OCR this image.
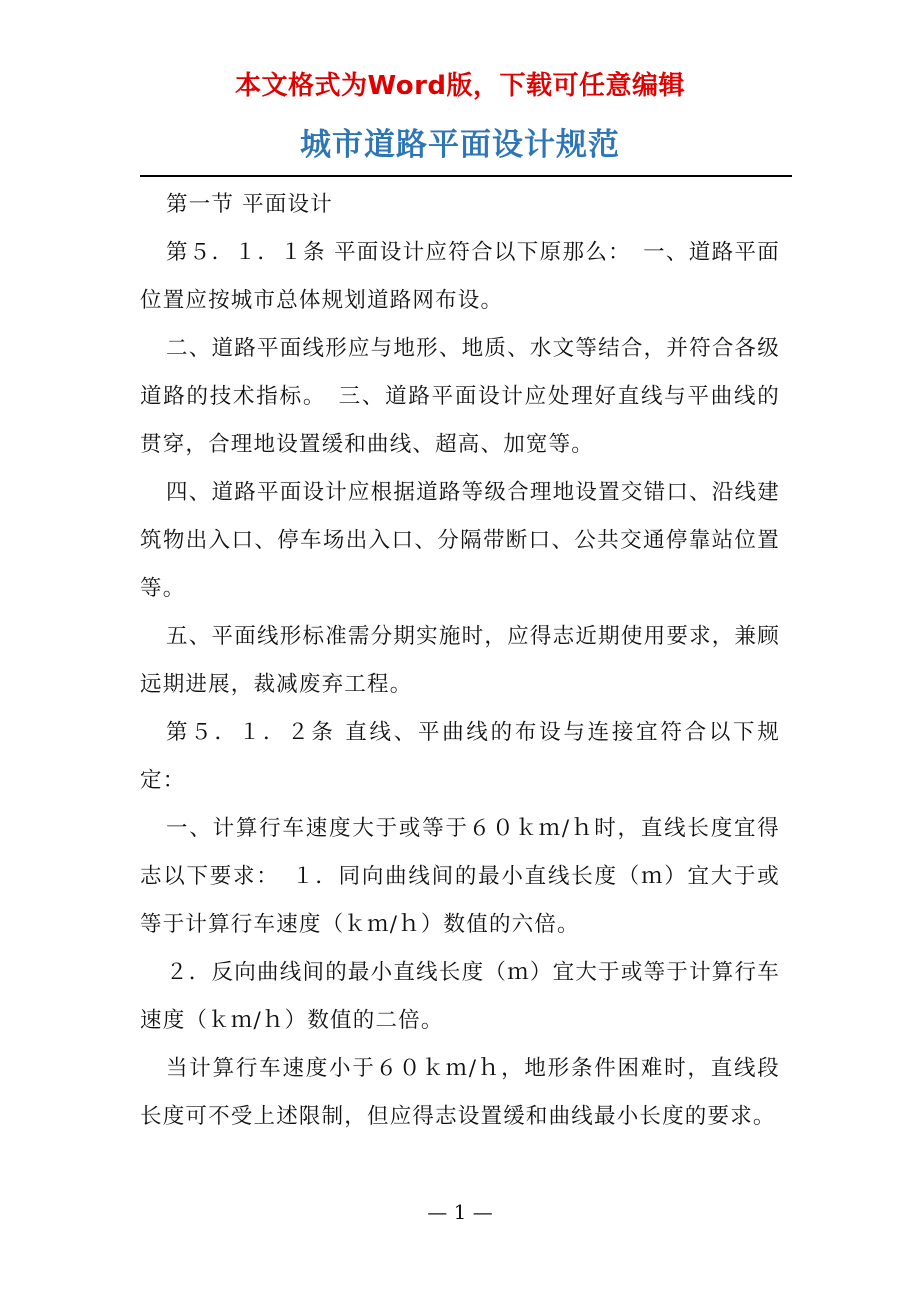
本文格式为Word版，下载可任意编辑
城市道路平面设计规范

第一节 平面设计

第５．１．１条 平面设计应符合以下原那么：　一、道路平面位置应按城市总体规划道路网布设。

二、道路平面线形应与地形、地质、水文等结合，并符合各级道路的技术指标。　三、道路平面设计应处理好直线与平曲线的贯穿，合理地设置缓和曲线、超高、加宽等。

四、道路平面设计应根据道路等级合理地设置交错口、沿线建筑物出入口、停车场出入口、分隔带断口、公共交通停靠站位置等。

五、平面线形标准需分期实施时，应得志近期使用要求，兼顾远期进展，裁减废弃工程。

第５．１．２条 直线、平曲线的布设与连接宜符合以下规定：

一、计算行车速度大于或等于６０ｋｍ/ｈ时，直线长度宜得志以下要求：　１．同向曲线间的最小直线长度（ｍ）宜大于或等于计算行车速度（ｋｍ/ｈ）数值的六倍。

２．反向曲线间的最小直线长度（ｍ）宜大于或等于计算行车速度（ｋｍ/ｈ）数值的二倍。

当计算行车速度小于６０ｋｍ/ｈ，地形条件困难时，直线段长度可不受上述限制，但应得志设置缓和曲线最小长度的要求。

— 1 —
